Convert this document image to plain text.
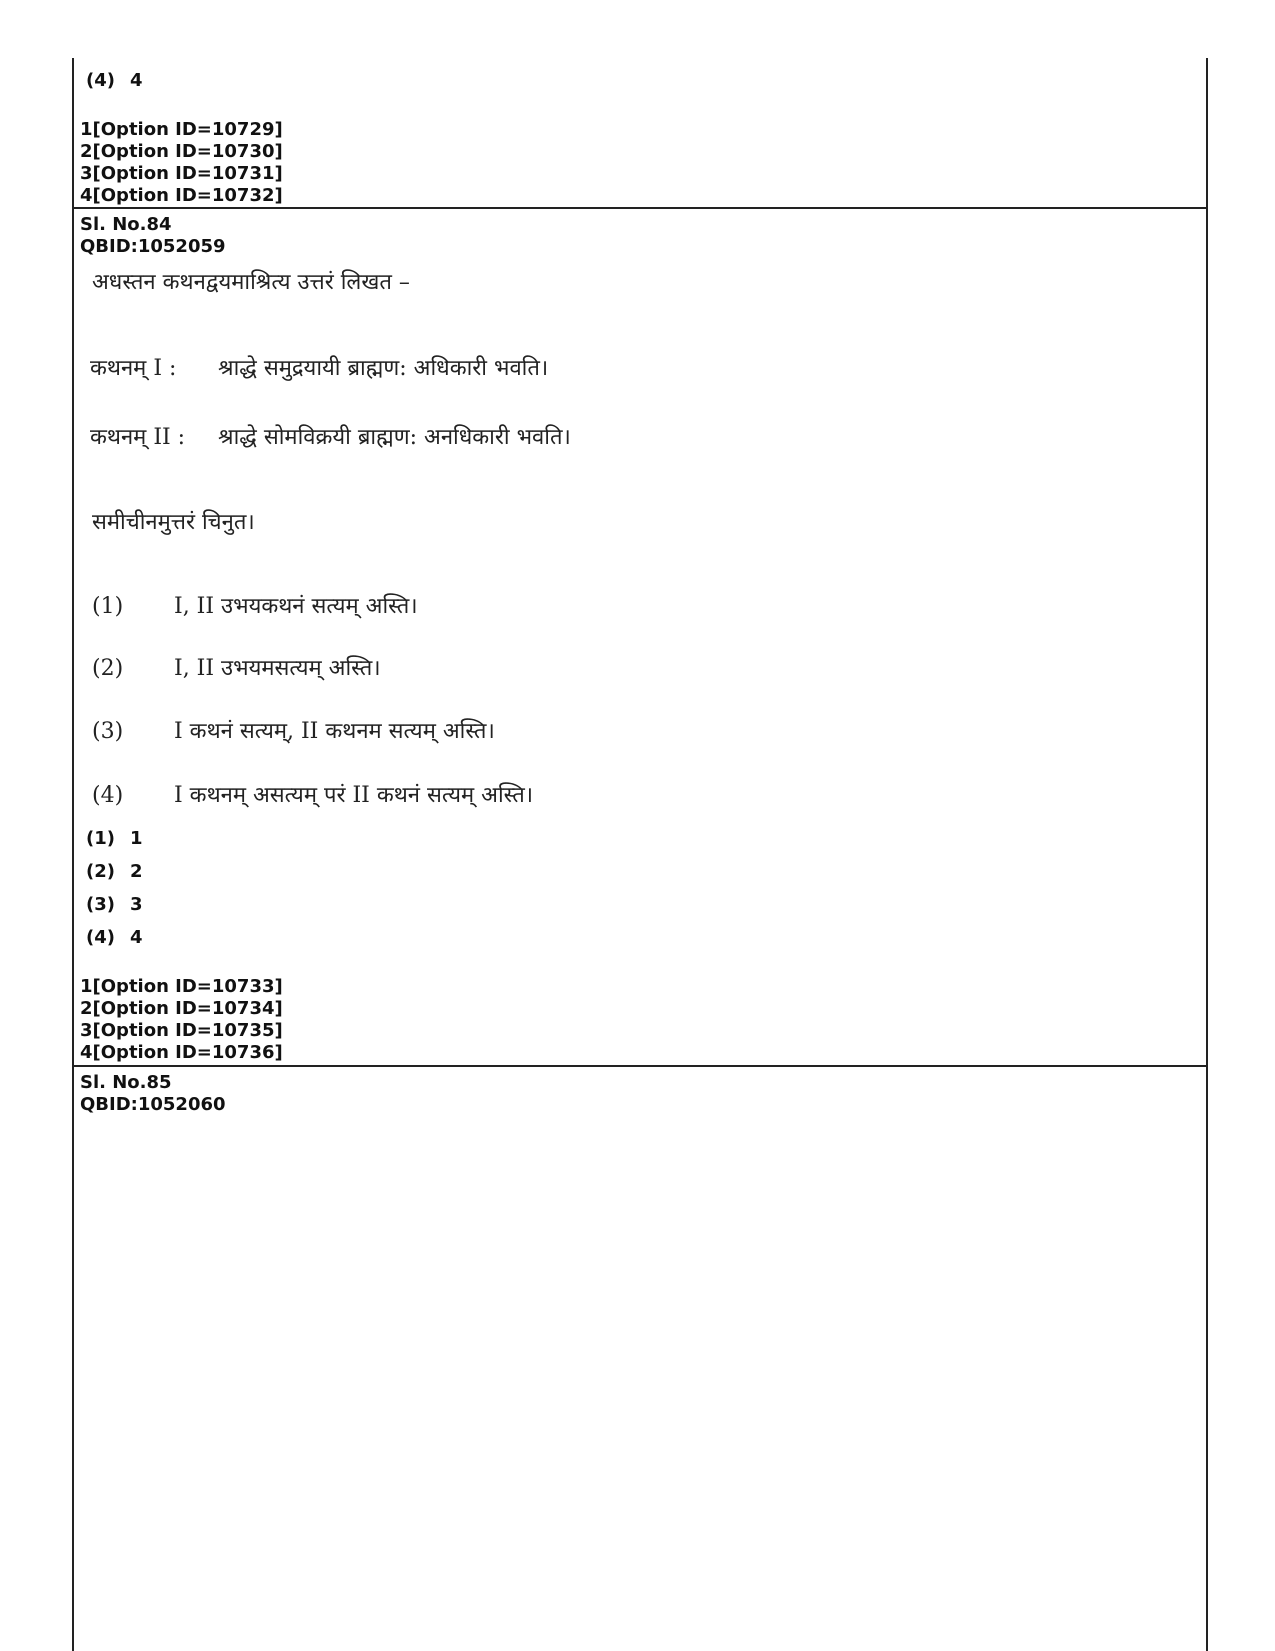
(4) 4
1[Option ID=10729]
2[Option ID=10730]
3[Option ID=10731]
4[Option ID=10732]
Sl. No.84
QBID:1052059
अधस्तन कथनद्वयमाश्रित्य उत्तरं लिखत –
कथनम् I : श्राद्धे समुद्रयायी ब्राह्मण: अधिकारी भवति।
कथनम् II : श्राद्धे सोमविक्रयी ब्राह्मण: अनधिकारी भवति।
समीचीनमुत्तरं चिनुत।
(1) I, II उभयकथनं सत्यम् अस्ति।
(2) I, II उभयमसत्यम् अस्ति।
(3) I कथनं सत्यम्, II कथनम सत्यम् अस्ति।
(4) I कथनम् असत्यम् परं II कथनं सत्यम् अस्ति।
(1) 1
(2) 2
(3) 3
(4) 4
1[Option ID=10733]
2[Option ID=10734]
3[Option ID=10735]
4[Option ID=10736]
Sl. No.85
QBID:1052060
